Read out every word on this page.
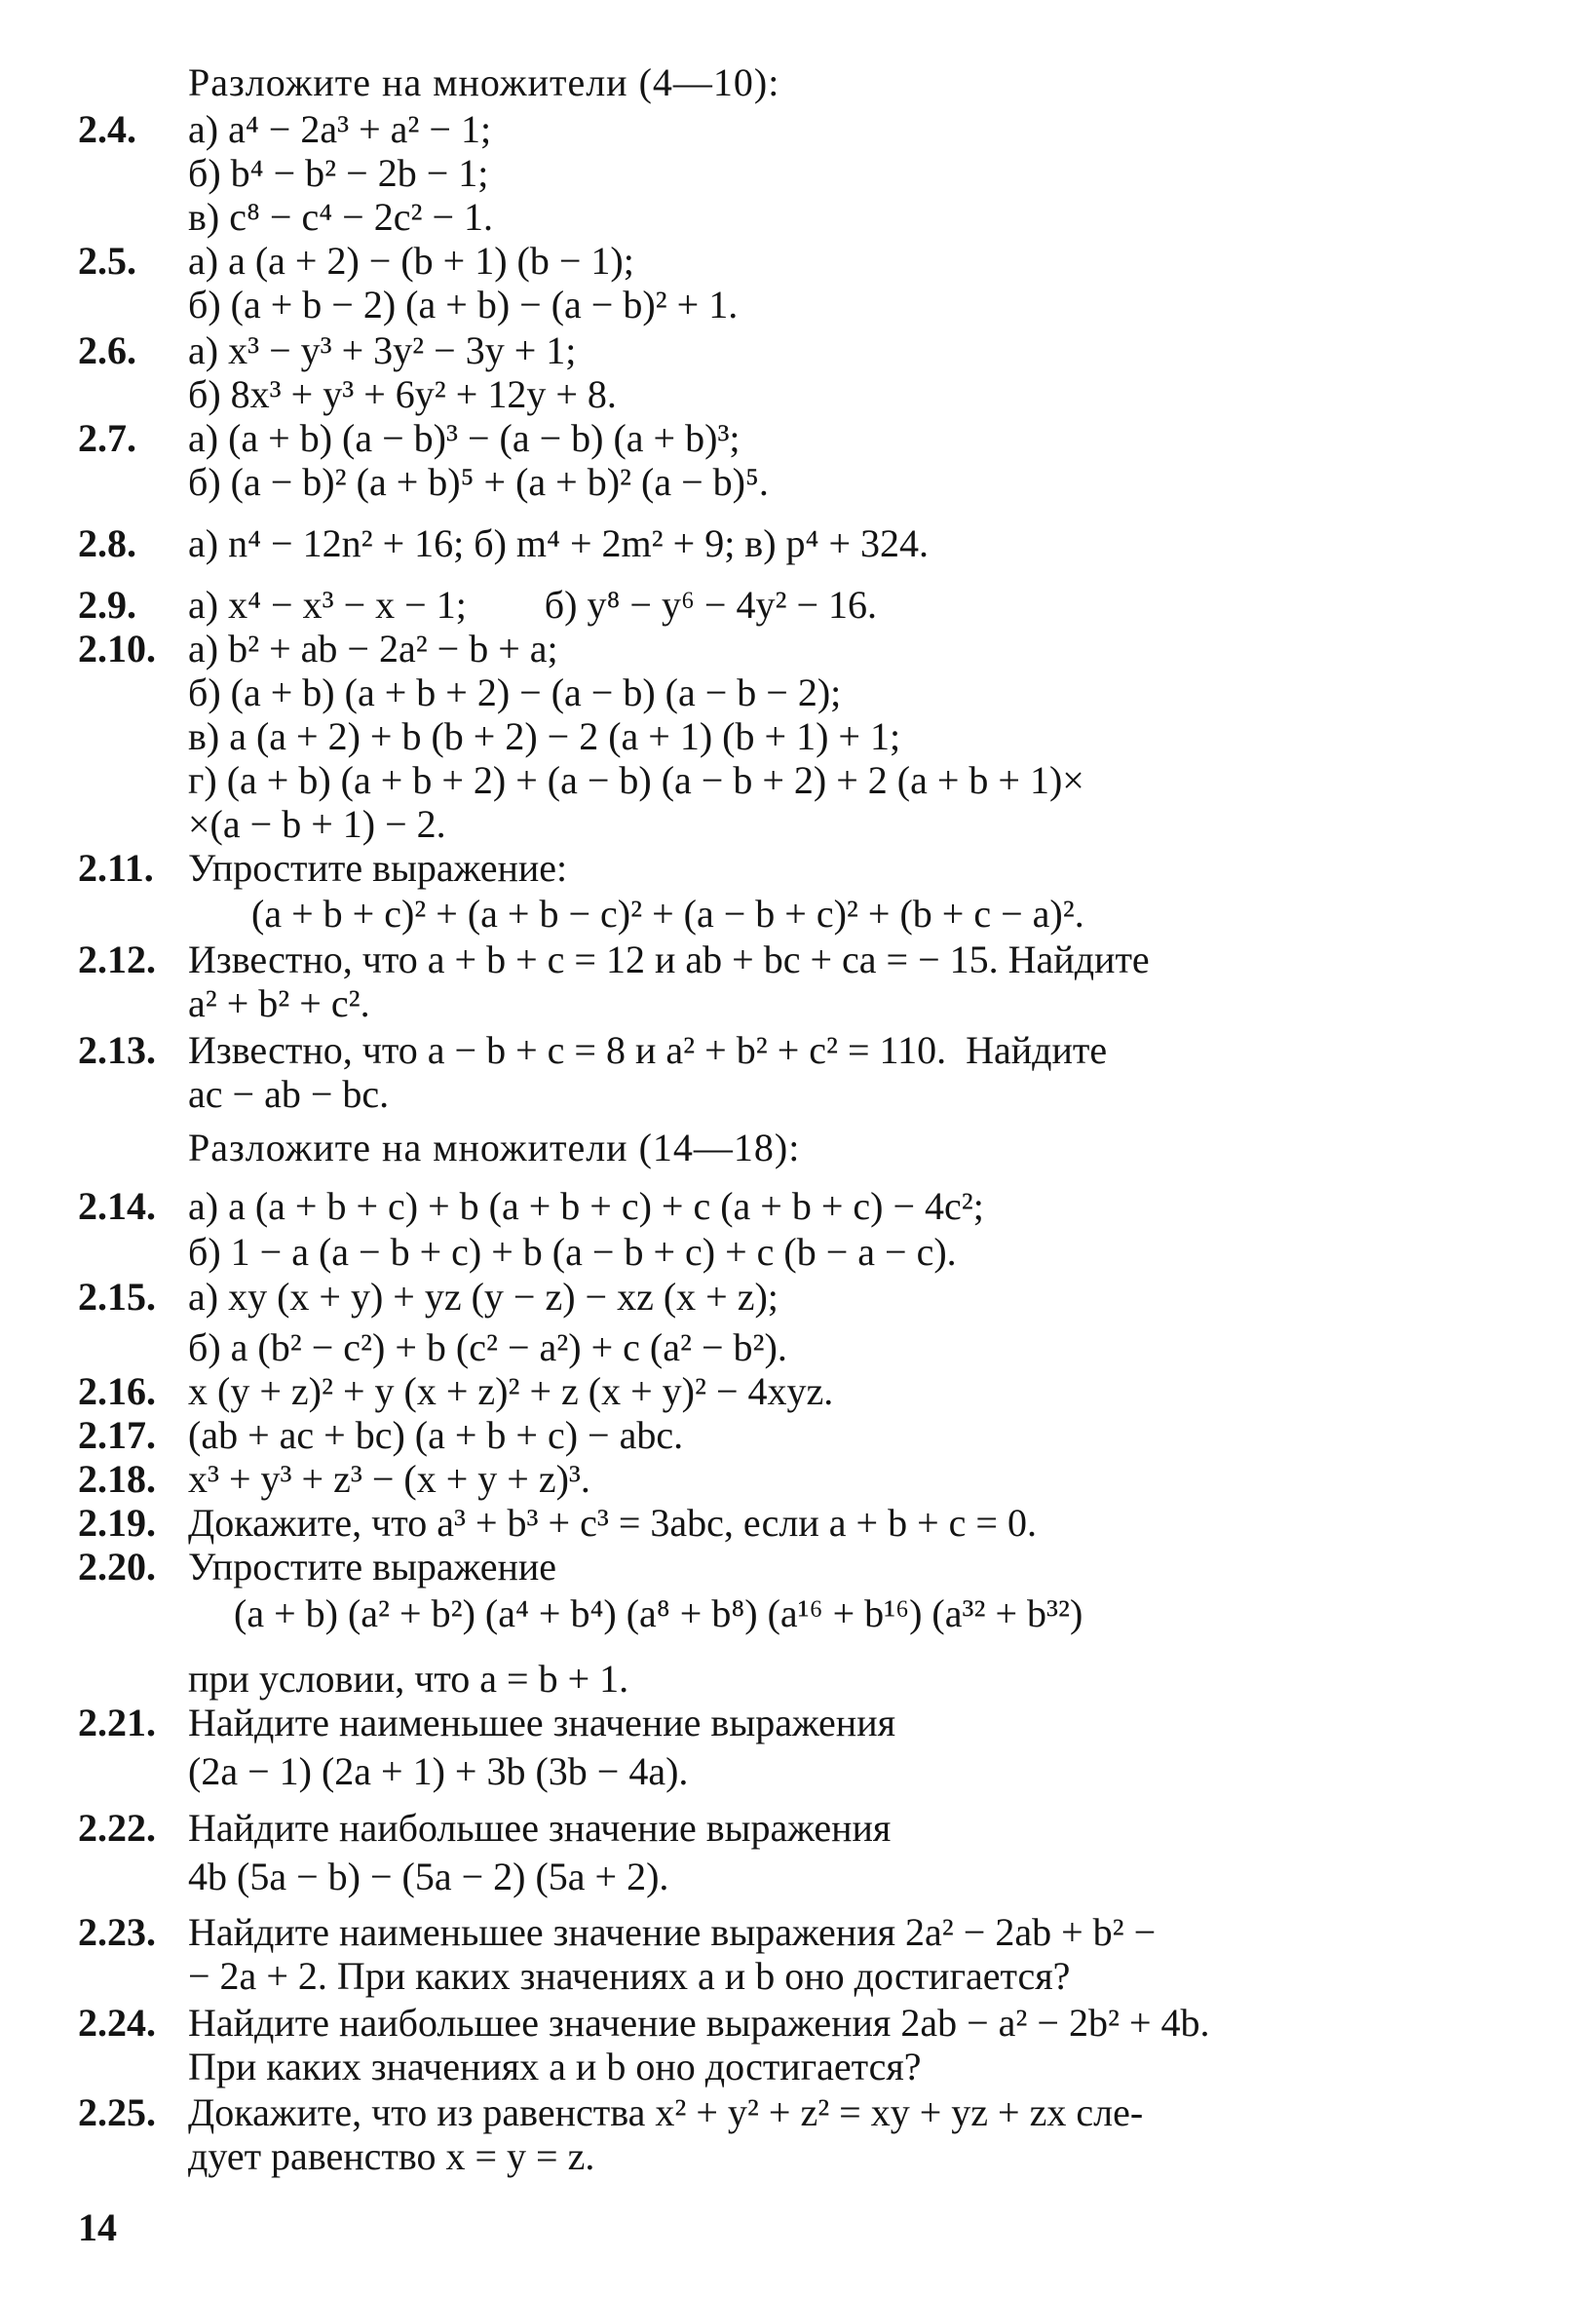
Разложите на множители (4—10):
2.4. а) a⁴ − 2a³ + a² − 1;
б) b⁴ − b² − 2b − 1;
в) c⁸ − c⁴ − 2c² − 1.
2.5. а) a (a + 2) − (b + 1) (b − 1);
б) (a + b − 2) (a + b) − (a − b)² + 1.
2.6. а) x³ − y³ + 3y² − 3y + 1;
б) 8x³ + y³ + 6y² + 12y + 8.
2.7. а) (a + b) (a − b)³ − (a − b) (a + b)³;
б) (a − b)² (a + b)⁵ + (a + b)² (a − b)⁵.
2.8. а) n⁴ − 12n² + 16; б) m⁴ + 2m² + 9; в) p⁴ + 324.
2.9. а) x⁴ − x³ − x − 1;        б) y⁸ − y⁶ − 4y² − 16.
2.10. а) b² + ab − 2a² − b + a;
б) (a + b) (a + b + 2) − (a − b) (a − b − 2);
в) a (a + 2) + b (b + 2) − 2 (a + 1) (b + 1) + 1;
г) (a + b) (a + b + 2) + (a − b) (a − b + 2) + 2 (a + b + 1)×
×(a − b + 1) − 2.
2.11. Упростите выражение:
(a + b + c)² + (a + b − c)² + (a − b + c)² + (b + c − a)².
2.12. Известно, что a + b + c = 12 и ab + bc + ca = − 15. Найдите
a² + b² + c².
2.13. Известно, что a − b + c = 8 и a² + b² + c² = 110.  Найдите
ac − ab − bc.
Разложите на множители (14—18):
2.14. а) a (a + b + c) + b (a + b + c) + c (a + b + c) − 4c²;
б) 1 − a (a − b + c) + b (a − b + c) + c (b − a − c).
2.15. а) xy (x + y) + yz (y − z) − xz (x + z);
б) a (b² − c²) + b (c² − a²) + c (a² − b²).
2.16. x (y + z)² + y (x + z)² + z (x + y)² − 4xyz.
2.17. (ab + ac + bc) (a + b + c) − abc.
2.18. x³ + y³ + z³ − (x + y + z)³.
2.19. Докажите, что a³ + b³ + c³ = 3abc, если a + b + c = 0.
2.20. Упростите выражение
(a + b) (a² + b²) (a⁴ + b⁴) (a⁸ + b⁸) (a¹⁶ + b¹⁶) (a³² + b³²)
при условии, что a = b + 1.
2.21. Найдите наименьшее значение выражения
(2a − 1) (2a + 1) + 3b (3b − 4a).
2.22. Найдите наибольшее значение выражения
4b (5a − b) − (5a − 2) (5a + 2).
2.23. Найдите наименьшее значение выражения 2a² − 2ab + b² −
− 2a + 2. При каких значениях a и b оно достигается?
2.24. Найдите наибольшее значение выражения 2ab − a² − 2b² + 4b.
При каких значениях a и b оно достигается?
2.25. Докажите, что из равенства x² + y² + z² = xy + yz + zx сле-
дует равенство x = y = z.
14
